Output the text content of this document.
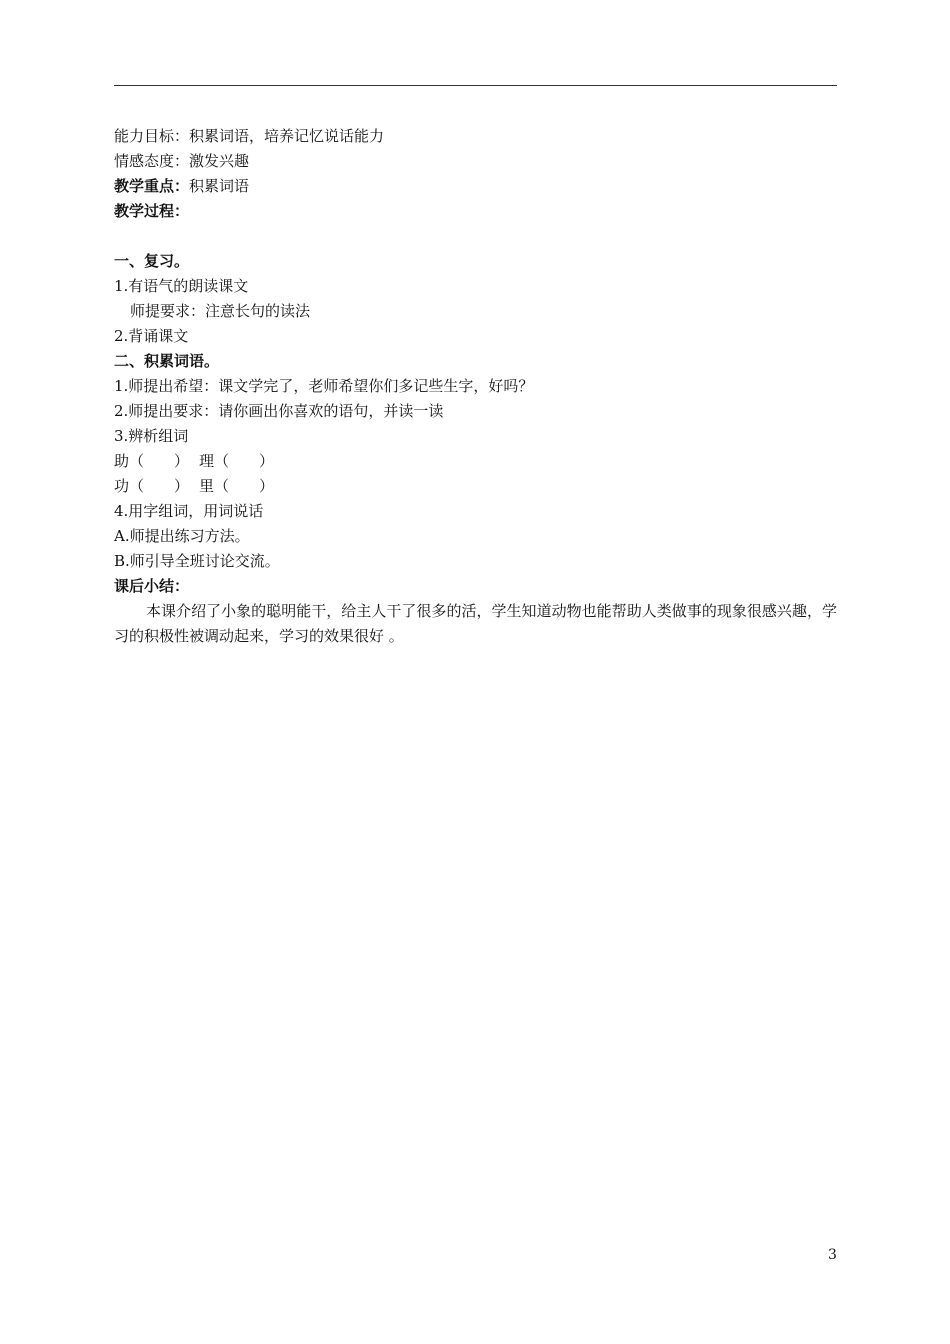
能力目标：积累词语，培养记忆说话能力
情感态度：激发兴趣
教学重点：积累词语
教学过程：
一、复习。
1.有语气的朗读课文
师提要求：注意长句的读法
2.背诵课文
二、积累词语。
1.师提出希望：课文学完了，老师希望你们多记些生字，好吗？
2.师提出要求：请你画出你喜欢的语句，并读一读
3.辨析组词
助（　　） 理（　　）
功（　　） 里（　　）
4.用字组词，用词说话
A.师提出练习方法。
B.师引导全班讨论交流。
课后小结：
本课介绍了小象的聪明能干，给主人干了很多的活，学生知道动物也能帮助人类做事的现象很感兴趣，学习的积极性被调动起来，学习的效果很好 。
3
